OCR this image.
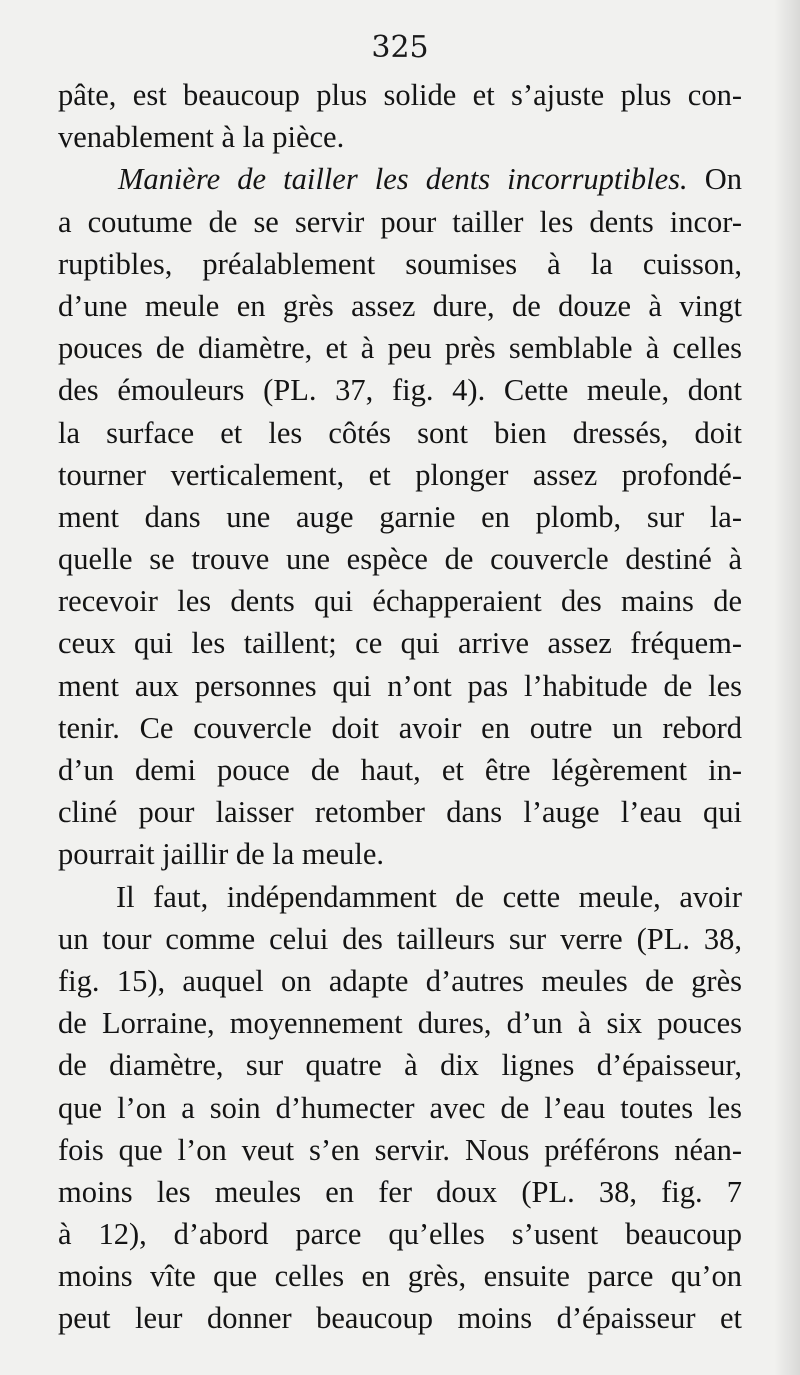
325
pâte, est beaucoup plus solide et s’ajuste plus con-
venablement à la pièce.
Manière de tailler les dents incorruptibles. On
a coutume de se servir pour tailler les dents incor-
ruptibles, préalablement soumises à la cuisson,
d’une meule en grès assez dure, de douze à vingt
pouces de diamètre, et à peu près semblable à celles
des émouleurs (PL. 37, fig. 4). Cette meule, dont
la surface et les côtés sont bien dressés, doit
tourner verticalement, et plonger assez profondé-
ment dans une auge garnie en plomb, sur la-
quelle se trouve une espèce de couvercle destiné à
recevoir les dents qui échapperaient des mains de
ceux qui les taillent; ce qui arrive assez fréquem-
ment aux personnes qui n’ont pas l’habitude de les
tenir. Ce couvercle doit avoir en outre un rebord
d’un demi pouce de haut, et être légèrement in-
cliné pour laisser retomber dans l’auge l’eau qui
pourrait jaillir de la meule.
Il faut, indépendamment de cette meule, avoir
un tour comme celui des tailleurs sur verre (PL. 38,
fig. 15), auquel on adapte d’autres meules de grès
de Lorraine, moyennement dures, d’un à six pouces
de diamètre, sur quatre à dix lignes d’épaisseur,
que l’on a soin d’humecter avec de l’eau toutes les
fois que l’on veut s’en servir. Nous préférons néan-
moins les meules en fer doux (PL. 38, fig. 7
à 12), d’abord parce qu’elles s’usent beaucoup
moins vîte que celles en grès, ensuite parce qu’on
peut leur donner beaucoup moins d’épaisseur et
